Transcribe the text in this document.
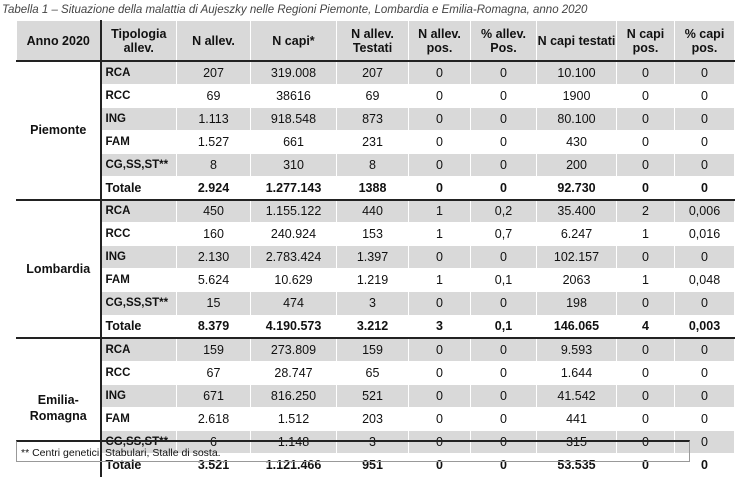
Tabella 1 – Situazione della malattia di Aujeszky nelle Regioni Piemonte, Lombardia e Emilia-Romagna, anno 2020
Anno 2020	Tipologia allev.	N allev.	N capi*	N allev. Testati	N allev. pos.	% allev. Pos.	N capi testati	N capi pos.	% capi pos.
Piemonte	RCA	207	319.008	207	0	0	10.100	0	0
	RCC	69	38616	69	0	0	1900	0	0
	ING	1.113	918.548	873	0	0	80.100	0	0
	FAM	1.527	661	231	0	0	430	0	0
	CG,SS,ST**	8	310	8	0	0	200	0	0
	Totale	2.924	1.277.143	1388	0	0	92.730	0	0
Lombardia	RCA	450	1.155.122	440	1	0,2	35.400	2	0,006
	RCC	160	240.924	153	1	0,7	6.247	1	0,016
	ING	2.130	2.783.424	1.397	0	0	102.157	0	0
	FAM	5.624	10.629	1.219	1	0,1	2063	1	0,048
	CG,SS,ST**	15	474	3	0	0	198	0	0
	Totale	8.379	4.190.573	3.212	3	0,1	146.065	4	0,003
Emilia-Romagna	RCA	159	273.809	159	0	0	9.593	0	0
	RCC	67	28.747	65	0	0	1.644	0	0
	ING	671	816.250	521	0	0	41.542	0	0
	FAM	2.618	1.512	203	0	0	441	0	0
	CG,SS,ST**	6	1.148	3	0	0	315	0	0
	Totale	3.521	1.121.466	951	0	0	53.535	0	0
** Centri genetici, Stabulari, Stalle di sosta.
